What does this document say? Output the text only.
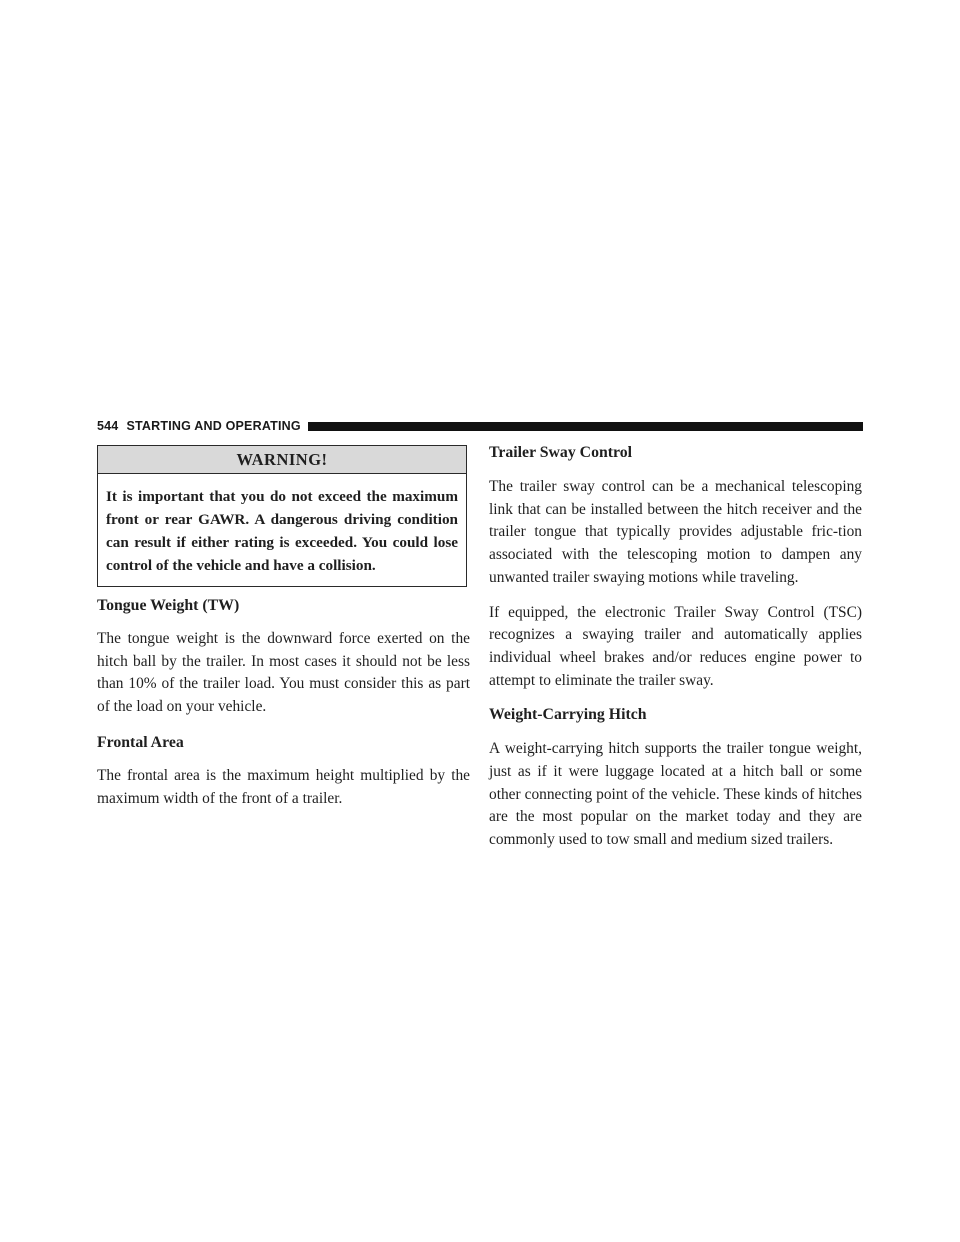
544 STARTING AND OPERATING
WARNING!
It is important that you do not exceed the maximum front or rear GAWR. A dangerous driving condition can result if either rating is exceeded. You could lose control of the vehicle and have a collision.
Tongue Weight (TW)

The tongue weight is the downward force exerted on the hitch ball by the trailer. In most cases it should not be less than 10% of the trailer load. You must consider this as part of the load on your vehicle.

Frontal Area

The frontal area is the maximum height multiplied by the maximum width of the front of a trailer.

Trailer Sway Control

The trailer sway control can be a mechanical telescoping link that can be installed between the hitch receiver and the trailer tongue that typically provides adjustable fric-tion associated with the telescoping motion to dampen any unwanted trailer swaying motions while traveling.

If equipped, the electronic Trailer Sway Control (TSC) recognizes a swaying trailer and automatically applies individual wheel brakes and/or reduces engine power to attempt to eliminate the trailer sway.

Weight-Carrying Hitch

A weight-carrying hitch supports the trailer tongue weight, just as if it were luggage located at a hitch ball or some other connecting point of the vehicle. These kinds of hitches are the most popular on the market today and they are commonly used to tow small and medium sized trailers.
